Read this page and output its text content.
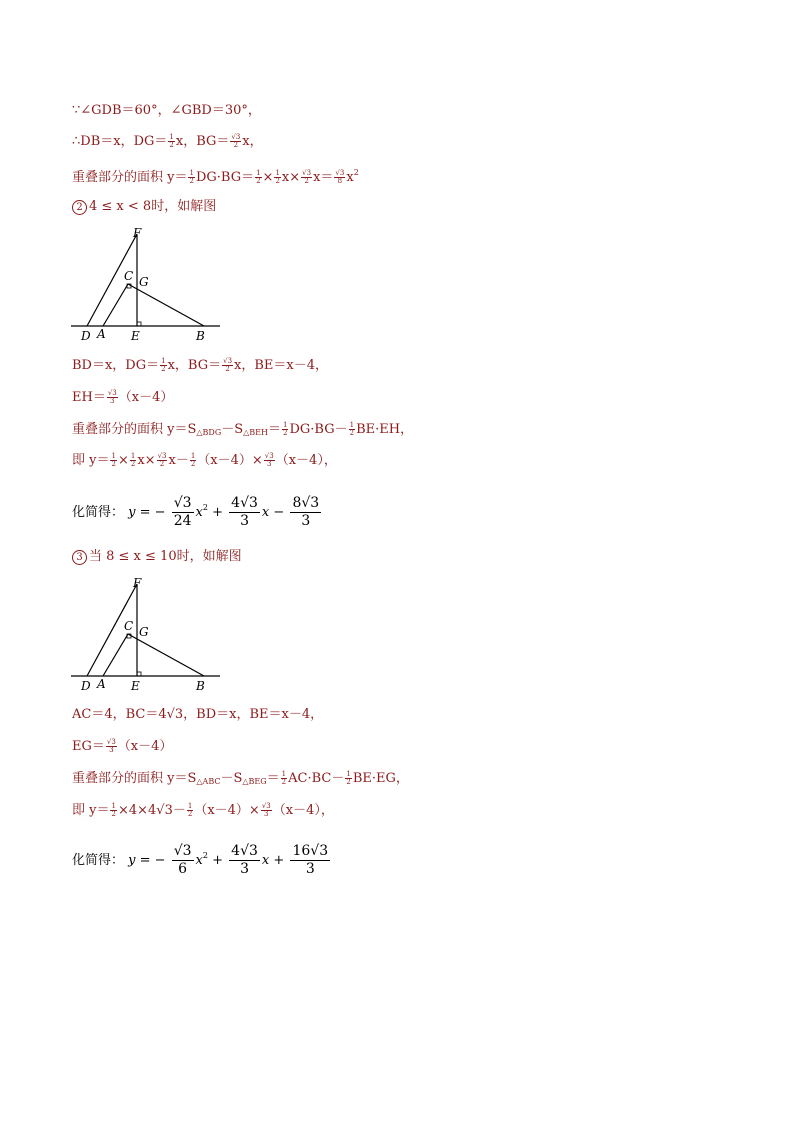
∵∠GDB＝60°，∠GBD＝30°，
∴DB＝x，$DG= \frac{1}{2}$ x，$BG= \frac{√3}{2}$ x，
重叠部分的面积 $y= \frac{1}{2} DG\cdot BG= \frac{1}{2} \times \frac{1}{2} x\times \frac{√3}{2} x= \frac{√3}{8} x^2$
2 4 ≤ x < 8时，如解图
F
C G
D A E	B
BD＝x，$DG= \frac{1}{2}$ x，$BG= \frac{√3}{2}$ x，BE＝x－4，
$EH= \frac{√3}{3} (x-4)$
重叠部分的面积 $y=S_{\triangle BDG}-S_{\triangle BEH}= \frac{1}{2} DG\cdot BG- \frac{1}{2} BE\cdot EH$，
即 $y= \frac{1}{2} \times \frac{1}{2} x\times \frac{√3}{2} x- \frac{1}{2} (x-4)\times \frac{√3}{3} (x-4)$，
化简得： y = − $\frac{√3}{24} x^2 + \frac{4√3}{3}$ $x - \frac{8√3}{3}$
3 当 8 ≤ x ≤ 10时，如解图
F
C G
D A E	B
AC＝4，BC＝4√3，BD＝x，BE＝x－4，
$EG= \frac{√3}{3} (x-4)$
重叠部分的面积 $y=S_{\triangle ABC}-S_{\triangle BEG}= \frac{1}{2} AC\cdot BC- \frac{1}{2} BE\cdot EG$，
即 $y= \frac{1}{2} \times 4\times 4√3- \frac{1}{2} (x-4)\times \frac{√3}{3} (x-4)$，
化简得： y = − $\frac{√3}{6} x^2 + \frac{4√3}{3}$ $x + \frac{16√3}{3}$
